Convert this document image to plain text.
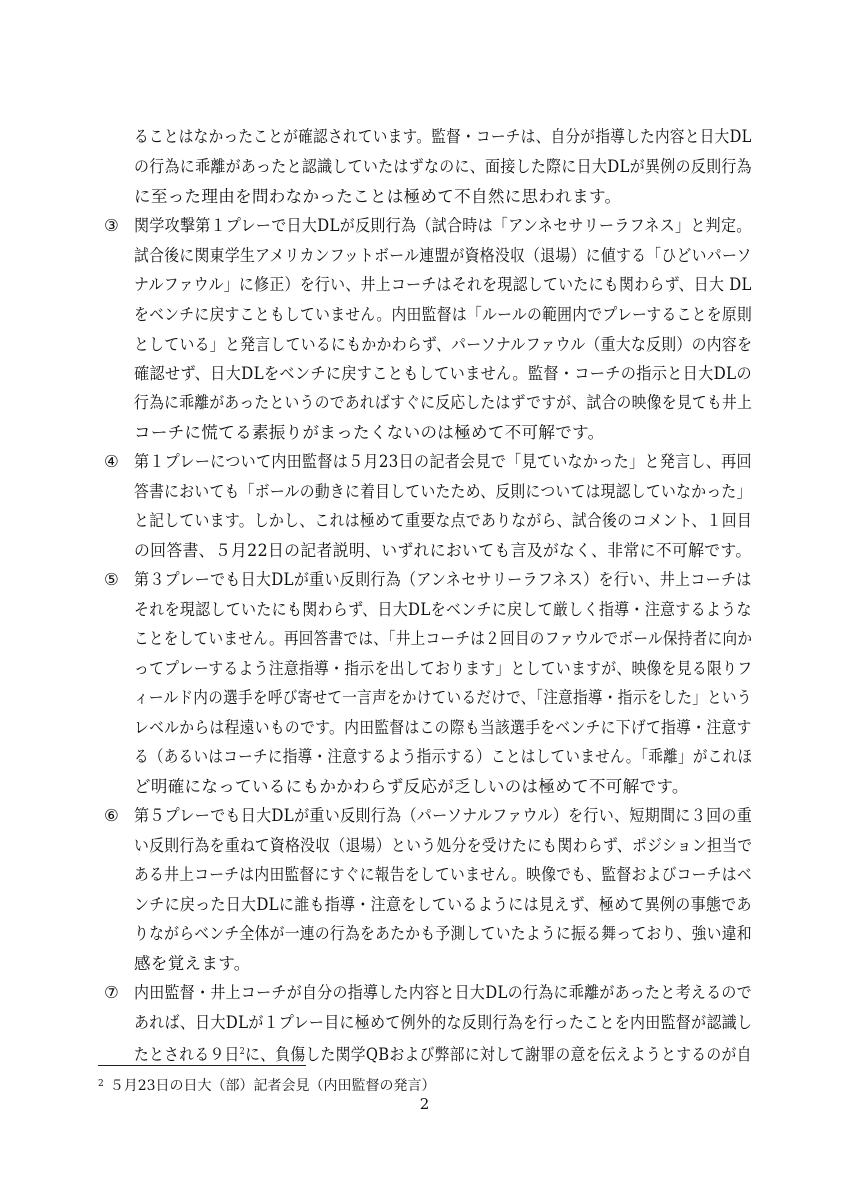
ることはなかったことが確認されています。監督・コーチは、自分が指導した内容と日大DL
の行為に乖離があったと認識していたはずなのに、面接した際に日大DLが異例の反則行為
に至った理由を問わなかったことは極めて不自然に思われます。
③ 関学攻撃第１プレーで日大DLが反則行為（試合時は「アンネセサリーラフネス」と判定。
試合後に関東学生アメリカンフットボール連盟が資格没収（退場）に値する「ひどいパーソ
ナルファウル」に修正）を行い、井上コーチはそれを現認していたにも関わらず、日大 DL
をベンチに戻すこともしていません。内田監督は「ルールの範囲内でプレーすることを原則
としている」と発言しているにもかかわらず、パーソナルファウル（重大な反則）の内容を
確認せず、日大DLをベンチに戻すこともしていません。監督・コーチの指示と日大DLの
行為に乖離があったというのであればすぐに反応したはずですが、試合の映像を見ても井上
コーチに慌てる素振りがまったくないのは極めて不可解です。
④ 第１プレーについて内田監督は５月23日の記者会見で「見ていなかった」と発言し、再回
答書においても「ボールの動きに着目していたため、反則については現認していなかった」
と記しています。しかし、これは極めて重要な点でありながら、試合後のコメント、１回目
の回答書、５月22日の記者説明、いずれにおいても言及がなく、非常に不可解です。
⑤ 第３プレーでも日大DLが重い反則行為（アンネセサリーラフネス）を行い、井上コーチは
それを現認していたにも関わらず、日大DLをベンチに戻して厳しく指導・注意するような
ことをしていません。再回答書では、「井上コーチは２回目のファウルでボール保持者に向か
ってプレーするよう注意指導・指示を出しております」としていますが、映像を見る限りフ
ィールド内の選手を呼び寄せて一言声をかけているだけで、「注意指導・指示をした」という
レベルからは程遠いものです。内田監督はこの際も当該選手をベンチに下げて指導・注意す
る（あるいはコーチに指導・注意するよう指示する）ことはしていません。「乖離」がこれほ
ど明確になっているにもかかわらず反応が乏しいのは極めて不可解です。
⑥ 第５プレーでも日大DLが重い反則行為（パーソナルファウル）を行い、短期間に３回の重
い反則行為を重ねて資格没収（退場）という処分を受けたにも関わらず、ポジション担当で
ある井上コーチは内田監督にすぐに報告をしていません。映像でも、監督およびコーチはベ
ンチに戻った日大DLに誰も指導・注意をしているようには見えず、極めて異例の事態であ
りながらベンチ全体が一連の行為をあたかも予測していたように振る舞っており、強い違和
感を覚えます。
⑦ 内田監督・井上コーチが自分の指導した内容と日大DLの行為に乖離があったと考えるので
あれば、日大DLが１プレー目に極めて例外的な反則行為を行ったことを内田監督が認識し
たとされる９日$^2$に、負傷した関学QBおよび弊部に対して謝罪の意を伝えようとするのが自
$^2$ ５月23日の日大（部）記者会見（内田監督の発言）
2
